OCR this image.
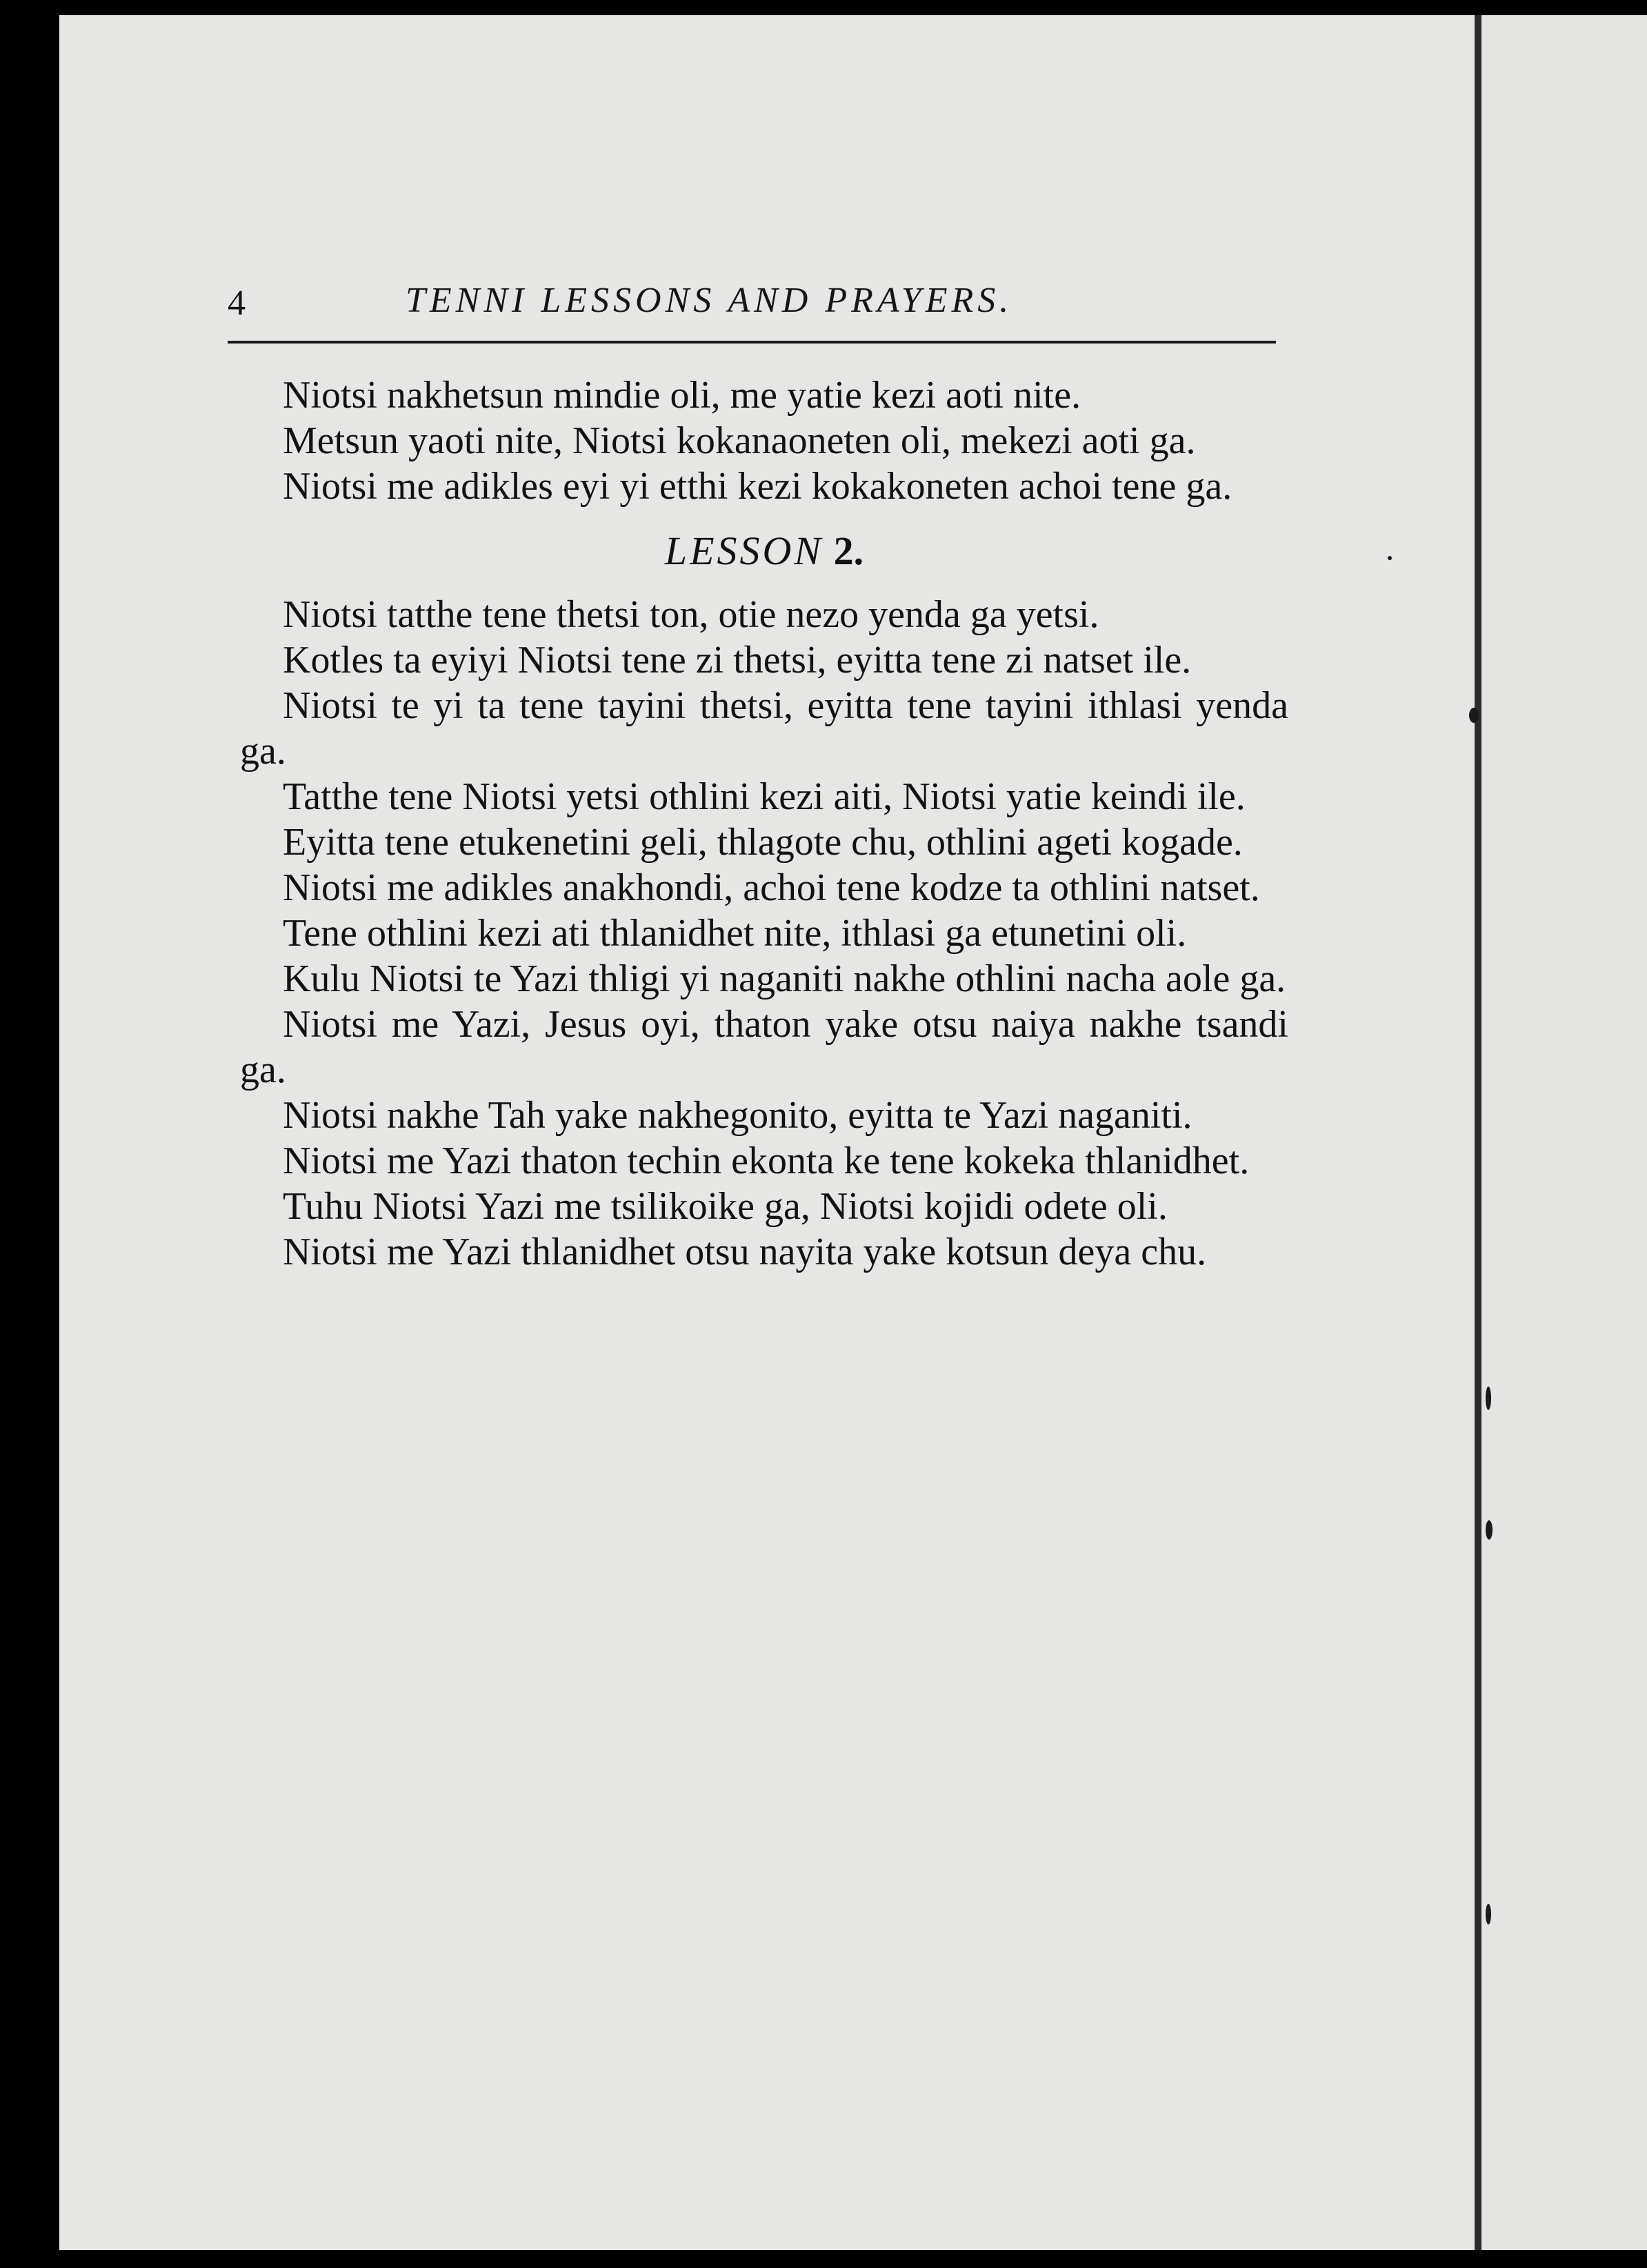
4	TENNI LESSONS AND PRAYERS.

Niotsi nakhetsun mindie oli, me yatie kezi aoti nite.

Metsun yaoti nite, Niotsi kokanaoneten oli, mekezi aoti ga.

Niotsi me adikles eyi yi etthi kezi kokakoneten achoi tene ga.

LESSON 2.

Niotsi tatthe tene thetsi ton, otie nezo yenda ga yetsi.

Kotles ta eyiyi Niotsi tene zi thetsi, eyitta tene zi natset ile.

Niotsi te yi ta tene tayini thetsi, eyitta tene tayini ithlasi yenda ga.

Tatthe tene Niotsi yetsi othlini kezi aiti, Niotsi yatie keindi ile.

Eyitta tene etukenetini geli, thlagote chu, othlini ageti kogade.

Niotsi me adikles anakhondi, achoi tene kodze ta othlini natset.

Tene othlini kezi ati thlanidhet nite, ithlasi ga etunetini oli.

Kulu Niotsi te Yazi thligi yi naganiti nakhe othlini nacha aole ga.

Niotsi me Yazi, Jesus oyi, thaton yake otsu naiya nakhe tsandi ga.

Niotsi nakhe Tah yake nakhegonito, eyitta te Yazi naganiti.

Niotsi me Yazi thaton techin ekonta ke tene kokeka thlanidhet.

Tuhu Niotsi Yazi me tsilikoike ga, Niotsi kojidi odete oli.

Niotsi me Yazi thlanidhet otsu nayita yake kotsun deya chu.
